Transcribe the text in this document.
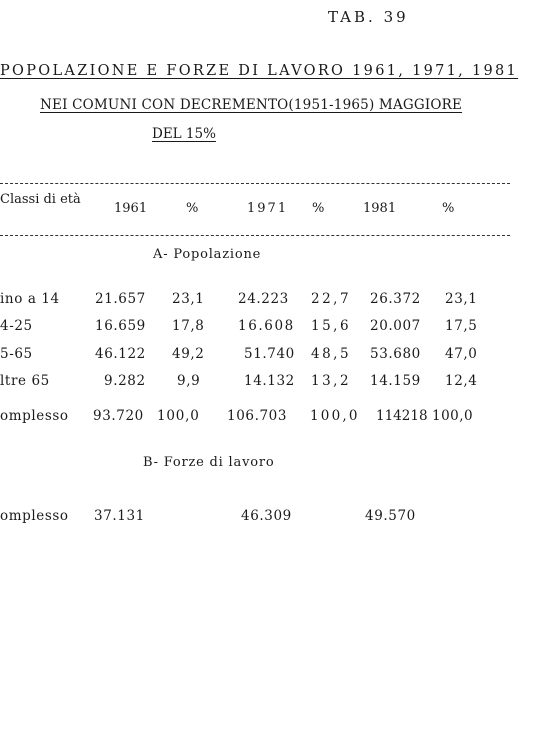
TAB. 39
POPOLAZIONE E FORZE DI LAVORO 1961, 1971, 1981
NEI COMUNI CON DECREMENTO(1951-1965) MAGGIORE
DEL 15%
Classi di età
1961	%	1971 %	1981	%
A- Popolazione
ino a 14	21.657 23,1 24.223 22,7 26.372 23,1
4-25	16.659 17,8 16.608 15,6 20.007 17,5
5-65	46.122 49,2	51.740 48,5 53.680 47,0
ltre 65	9.282 9,9	14.132 13,2 14.159 12,4
omplesso 93.720 100,0 106.703 100,0 114218 100,0
B- Forze di lavoro
omplesso 37.131	46.309	49.570
